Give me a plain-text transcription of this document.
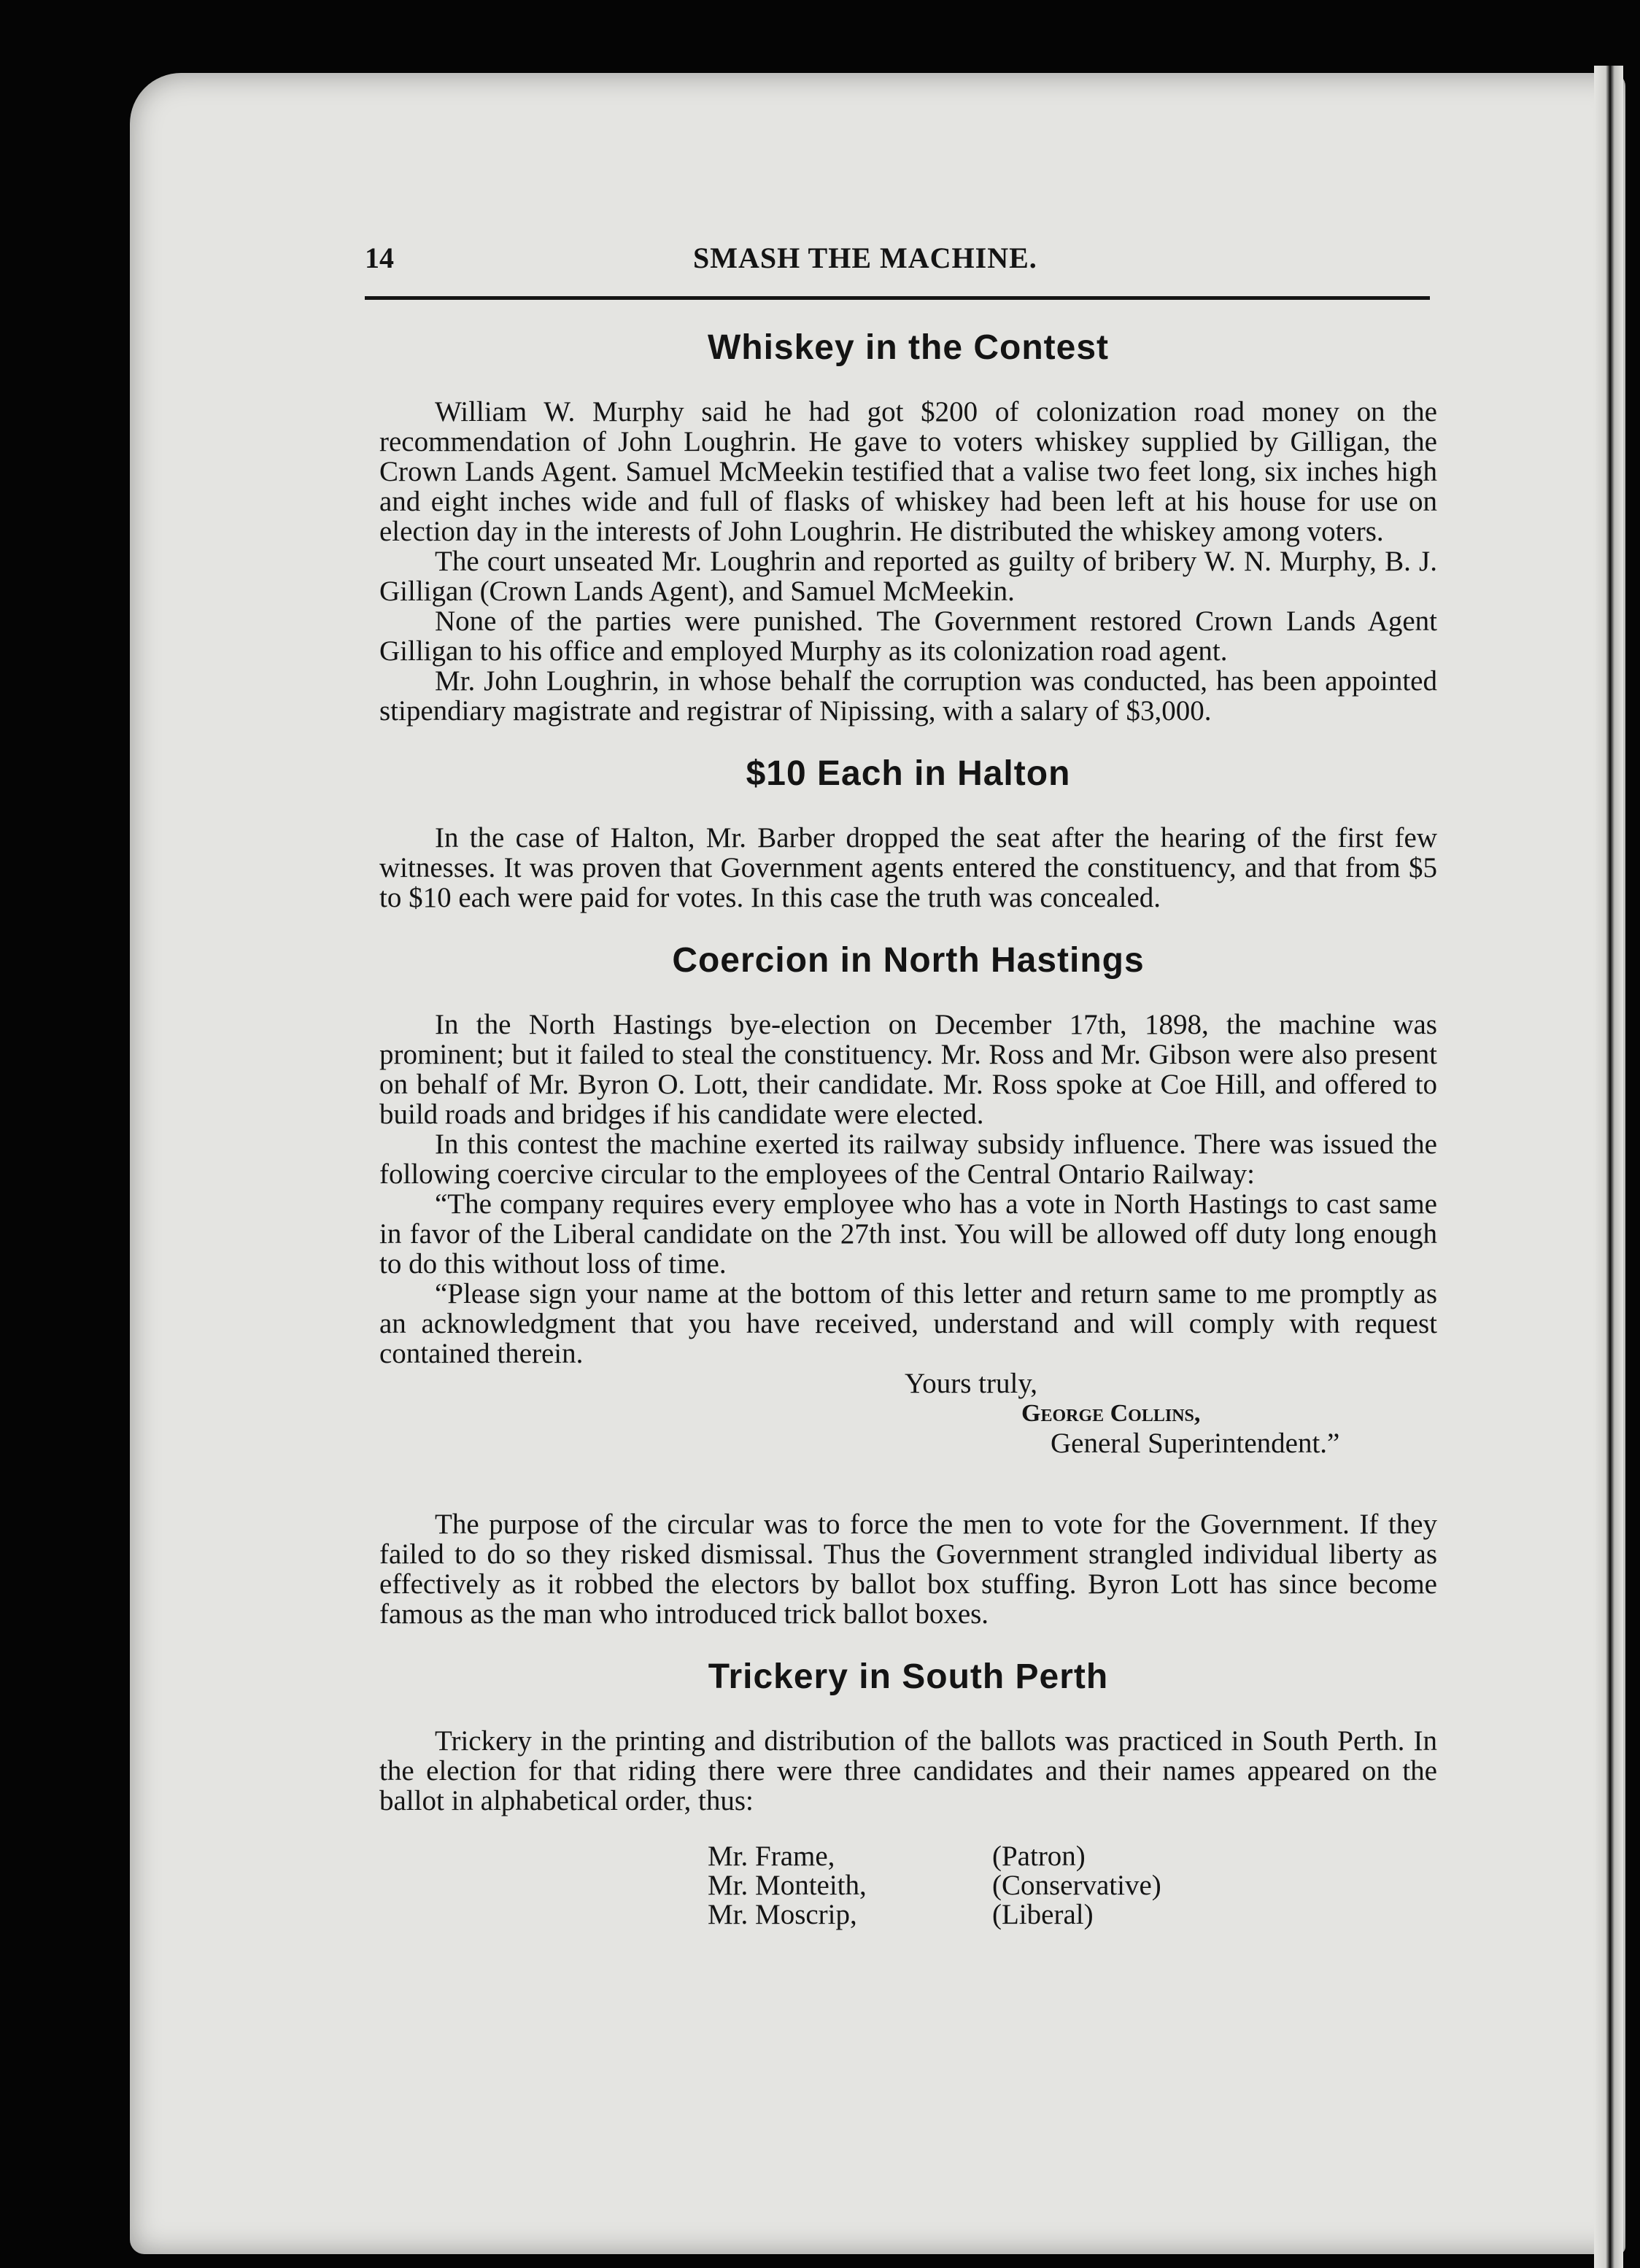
14	SMASH THE MACHINE.
Whiskey in the Contest

William W. Murphy said he had got $200 of colonization road money on the recommendation of John Loughrin. He gave to voters whiskey supplied by Gilligan, the Crown Lands Agent. Samuel McMeekin testified that a valise two feet long, six inches high and eight inches wide and full of flasks of whiskey had been left at his house for use on election day in the interests of John Loughrin. He distributed the whiskey among voters.

The court unseated Mr. Loughrin and reported as guilty of bribery W. N. Murphy, B. J. Gilligan (Crown Lands Agent), and Samuel McMeekin.

None of the parties were punished. The Government restored Crown Lands Agent Gilligan to his office and employed Murphy as its colonization road agent.

Mr. John Loughrin, in whose behalf the corruption was conducted, has been appointed stipendiary magistrate and registrar of Nipissing, with a salary of $3,000.

$10 Each in Halton

In the case of Halton, Mr. Barber dropped the seat after the hearing of the first few witnesses. It was proven that Government agents entered the constituency, and that from $5 to $10 each were paid for votes. In this case the truth was concealed.

Coercion in North Hastings

In the North Hastings bye-election on December 17th, 1898, the machine was prominent; but it failed to steal the constituency. Mr. Ross and Mr. Gibson were also present on behalf of Mr. Byron O. Lott, their candidate. Mr. Ross spoke at Coe Hill, and offered to build roads and bridges if his candidate were elected.

In this contest the machine exerted its railway subsidy influence. There was issued the following coercive circular to the employees of the Central Ontario Railway:

“The company requires every employee who has a vote in North Hastings to cast same in favor of the Liberal candidate on the 27th inst. You will be allowed off duty long enough to do this without loss of time.

“Please sign your name at the bottom of this letter and return same to me promptly as an acknowledgment that you have received, understand and will comply with request contained therein.

Yours truly,
George Collins,
General Superintendent.”

The purpose of the circular was to force the men to vote for the Government. If they failed to do so they risked dismissal. Thus the Government strangled individual liberty as effectively as it robbed the electors by ballot box stuffing. Byron Lott has since become famous as the man who introduced trick ballot boxes.

Trickery in South Perth

Trickery in the printing and distribution of the ballots was practiced in South Perth. In the election for that riding there were three candidates and their names appeared on the ballot in alphabetical order, thus:

Mr. Frame,	(Patron)
Mr. Monteith,	(Conservative)
Mr. Moscrip,	(Liberal)
